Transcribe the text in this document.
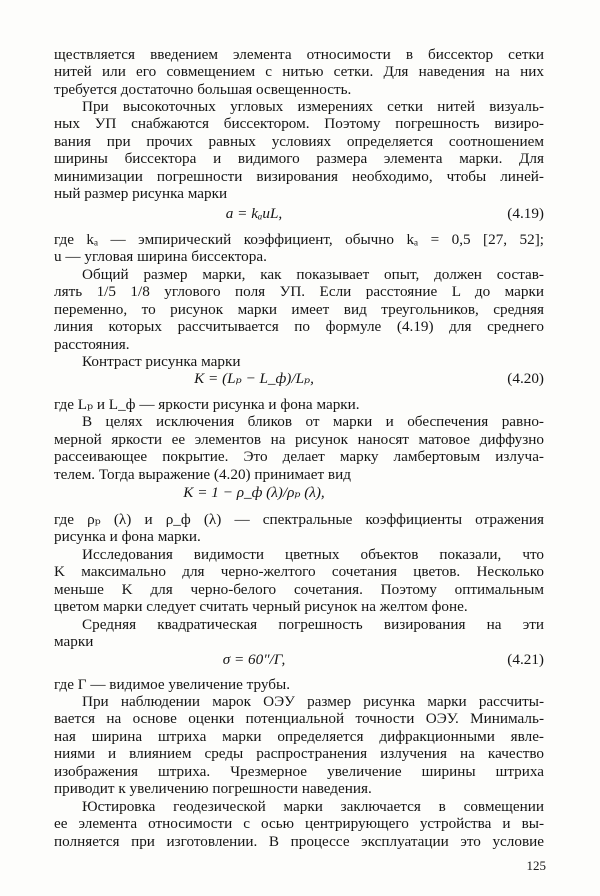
ществляется введением элемента относимости в биссектор сетки
нитей или его совмещением с нитью сетки. Для наведения на них
требуется достаточно большая освещенность.
При высокоточных угловых измерениях сетки нитей визуаль-
ных УП снабжаются биссектором. Поэтому погрешность визиро-
вания при прочих равных условиях определяется соотношением
ширины биссектора и видимого размера элемента марки. Для
минимизации погрешности визирования необходимо, чтобы линей-
ный размер рисунка марки
a = kₐuL,	(4.19)
где kₐ — эмпирический коэффициент, обычно kₐ = 0,5 [27, 52];
u — угловая ширина биссектора.
Общий размер марки, как показывает опыт, должен состав-
лять 1/5 1/8 углового поля УП. Если расстояние L до марки
переменно, то рисунок марки имеет вид треугольников, средняя
линия которых рассчитывается по формуле (4.19) для среднего
расстояния.
Контраст рисунка марки
K = (Lₚ − L_ф)/Lₚ,	(4.20)
где Lₚ и L_ф — яркости рисунка и фона марки.
В целях исключения бликов от марки и обеспечения равно-
мерной яркости ее элементов на рисунок наносят матовое диффузно
рассеивающее покрытие. Это делает марку ламбертовым излуча-
телем. Тогда выражение (4.20) принимает вид
K = 1 − ρ_ф (λ)/ρₚ (λ),
где ρₚ (λ) и ρ_ф (λ) — спектральные коэффициенты отражения
рисунка и фона марки.
Исследования видимости цветных объектов показали, что
K максимально для черно-желтого сочетания цветов. Несколько
меньше K для черно-белого сочетания. Поэтому оптимальным
цветом марки следует считать черный рисунок на желтом фоне.
Средняя квадратическая погрешность визирования на эти
марки
σ = 60″/Г,	(4.21)
где Г — видимое увеличение трубы.
При наблюдении марок ОЭУ размер рисунка марки рассчиты-
вается на основе оценки потенциальной точности ОЭУ. Минималь-
ная ширина штриха марки определяется дифракционными явле-
ниями и влиянием среды распространения излучения на качество
изображения штриха. Чрезмерное увеличение ширины штриха
приводит к увеличению погрешности наведения.
Юстировка геодезической марки заключается в совмещении
ее элемента относимости с осью центрирующего устройства и вы-
полняется при изготовлении. В процессе эксплуатации это условие
125
